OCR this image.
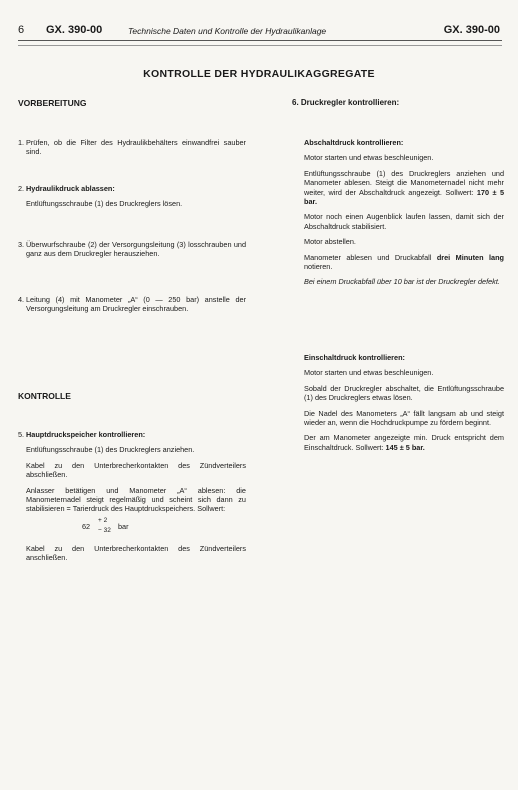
6 GX. 390-00	Technische Daten und Kontrolle der Hydraulikanlage	GX. 390-00
KONTROLLE DER HYDRAULIKAGGREGATE
VORBEREITUNG
1. Prüfen, ob die Filter des Hydraulikbehälters einwandfrei sauber sind.

2. Hydraulikdruck ablassen:

Entlüftungsschraube (1) des Druckreglers lösen.

3. Überwurfschraube (2) der Versorgungsleitung (3) losschrauben und ganz aus dem Druckregler herausziehen.

4. Leitung (4) mit Manometer „A“ (0 — 250 bar) anstelle der Versorgungsleitung am Druckregler einschrauben.

KONTROLLE
5. Hauptdruckspeicher kontrollieren:

Entlüftungsschraube (1) des Druckreglers anziehen.

Kabel zu den Unterbrecherkontakten des Zündverteilers abschließen.

Anlasser betätigen und Manometer „A“ ablesen: die Manometernadel steigt regelmäßig und scheint sich dann zu stabilisieren = Tarierdruck des Hauptdruckspeichers. Sollwert:

62
+ 2
− 32 bar

Kabel zu den Unterbrecherkontakten des Zündverteilers anschließen.

6. Druckregler kontrollieren:

Abschaltdruck kontrollieren:

Motor starten und etwas beschleunigen.

Entlüftungsschraube (1) des Druckreglers anziehen und Manometer ablesen. Steigt die Manometernadel nicht mehr weiter, wird der Abschaltdruck angezeigt. Sollwert: 170 ± 5 bar.

Motor noch einen Augenblick laufen lassen, damit sich der Abschaltdruck stabilisiert.

Motor abstellen.

Manometer ablesen und Druckabfall drei Minuten lang notieren.

Bei einem Druckabfall über 10 bar ist der Druckregler defekt.

Einschaltdruck kontrollieren:

Motor starten und etwas beschleunigen.

Sobald der Druckregler abschaltet, die Entlüftungsschraube (1) des Druckreglers etwas lösen.

Die Nadel des Manometers „A“ fällt langsam ab und steigt wieder an, wenn die Hochdruckpumpe zu fördern beginnt.

Der am Manometer angezeigte min. Druck entspricht dem Einschaltdruck. Sollwert: 145 ± 5 bar.
